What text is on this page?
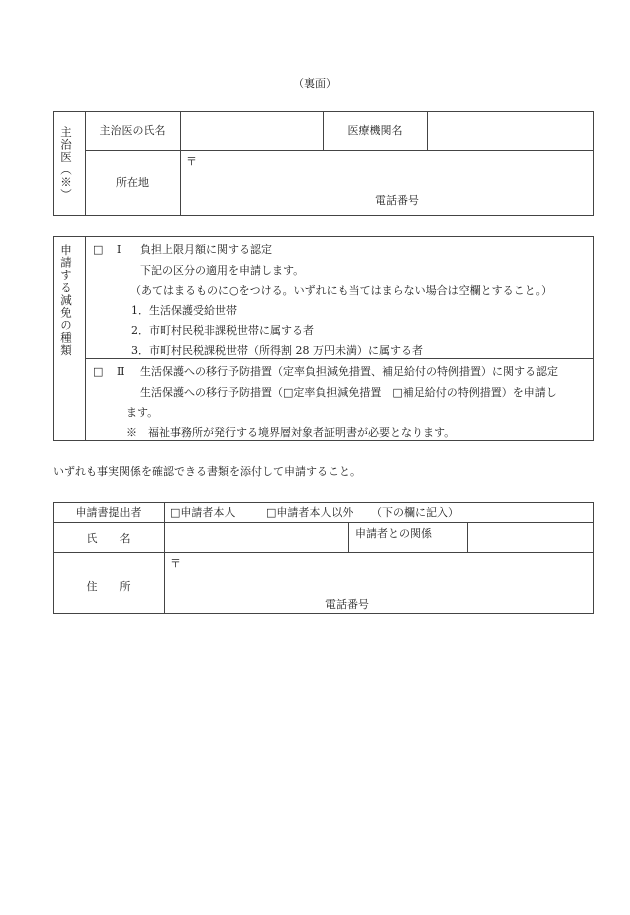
（裏面）
主治医（※）	主治医の氏名	医療機関名
所在地
〒
電話番号
申請する減免の種類 □ Ⅰ 負担上限月額に関する認定
下記の区分の適用を申請します。
（あてはまるものに○をつける。いずれにも当てはまらない場合は空欄とすること。）
1．生活保護受給世帯
2．市町村民税非課税世帯に属する者
3．市町村民税課税世帯（所得割 28 万円未満）に属する者
□ Ⅱ 生活保護への移行予防措置（定率負担減免措置、補足給付の特例措置）に関する認定
生活保護への移行予防措置（□定率負担減免措置　□補足給付の特例措置）を申請し
ます。
※　福祉事務所が発行する境界層対象者証明書が必要となります。
いずれも事実関係を確認できる書類を添付して申請すること。
申請書提出者	□申請者本人	□申請者本人以外 （下の欄に記入）
氏　　名	申請者との関係
住　　所
〒
電話番号
